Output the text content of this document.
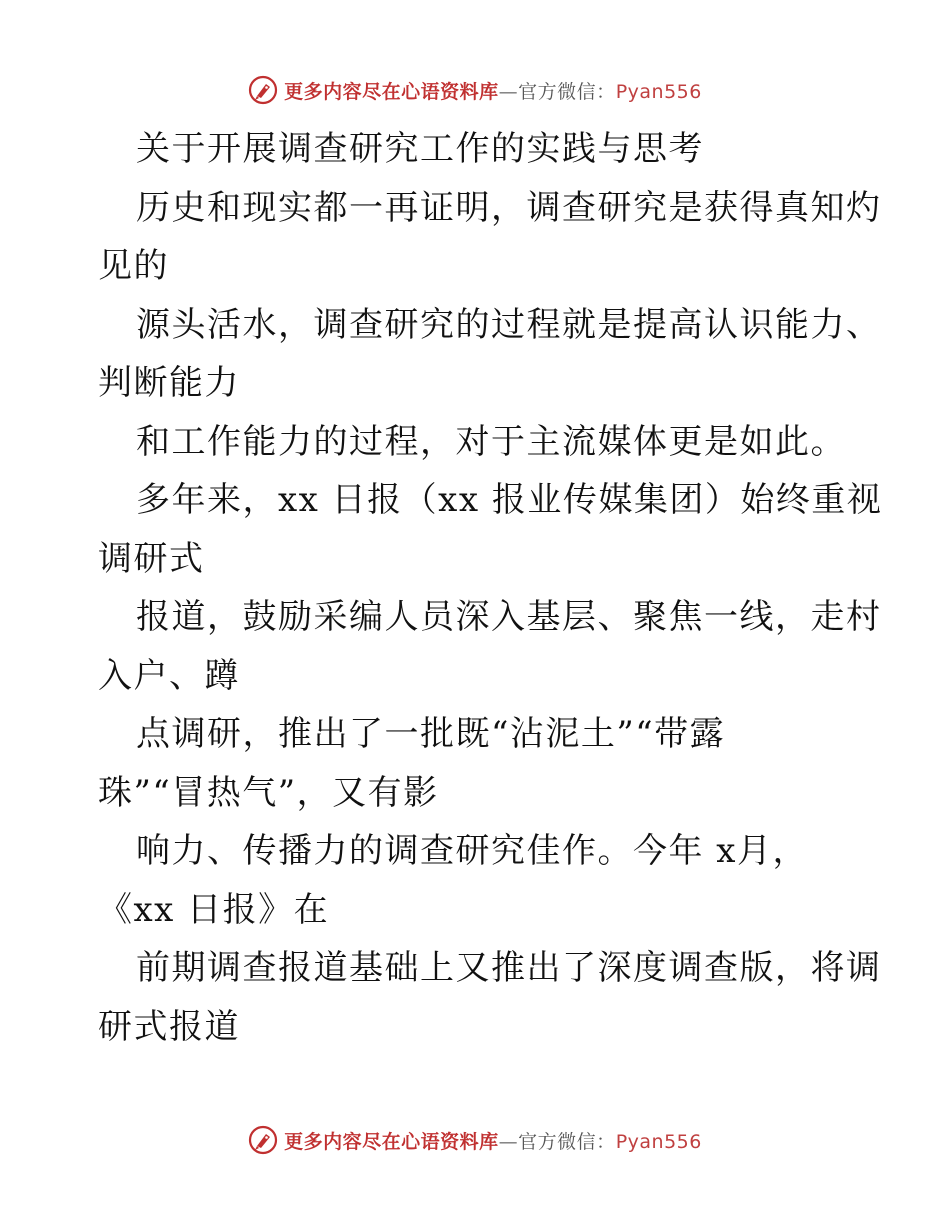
更多内容尽在心语资料库—官方微信：Pyan556
关于开展调查研究工作的实践与思考
历史和现实都一再证明，调查研究是获得真知灼
见的
源头活水，调查研究的过程就是提高认识能力、
判断能力
和工作能力的过程，对于主流媒体更是如此。
多年来，xx 日报（xx 报业传媒集团）始终重视
调研式
报道，鼓励采编人员深入基层、聚焦一线，走村
入户、蹲
点调研，推出了一批既“沾泥土”“带露
珠”“冒热气”，又有影
响力、传播力的调查研究佳作。今年 x月，
《xx 日报》在
前期调查报道基础上又推出了深度调查版，将调
研式报道
更多内容尽在心语资料库—官方微信：Pyan556
